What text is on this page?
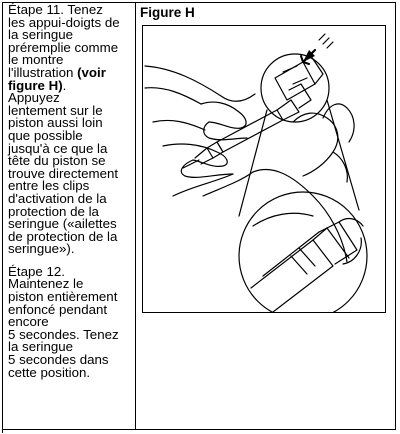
Étape 11. Tenez
les appui-doigts de
la seringue
préremplie comme
le montre
l'illustration (voir
figure H).
Appuyez
lentement sur le
piston aussi loin
que possible
jusqu'à ce que la
tête du piston se
trouve directement
entre les clips
d'activation de la
protection de la
seringue («ailettes
de protection de la
seringue»).

Étape 12.
Maintenez le
piston entièrement
enfoncé pendant
encore
5 secondes. Tenez
la seringue
5 secondes dans
cette position.

Figure H
